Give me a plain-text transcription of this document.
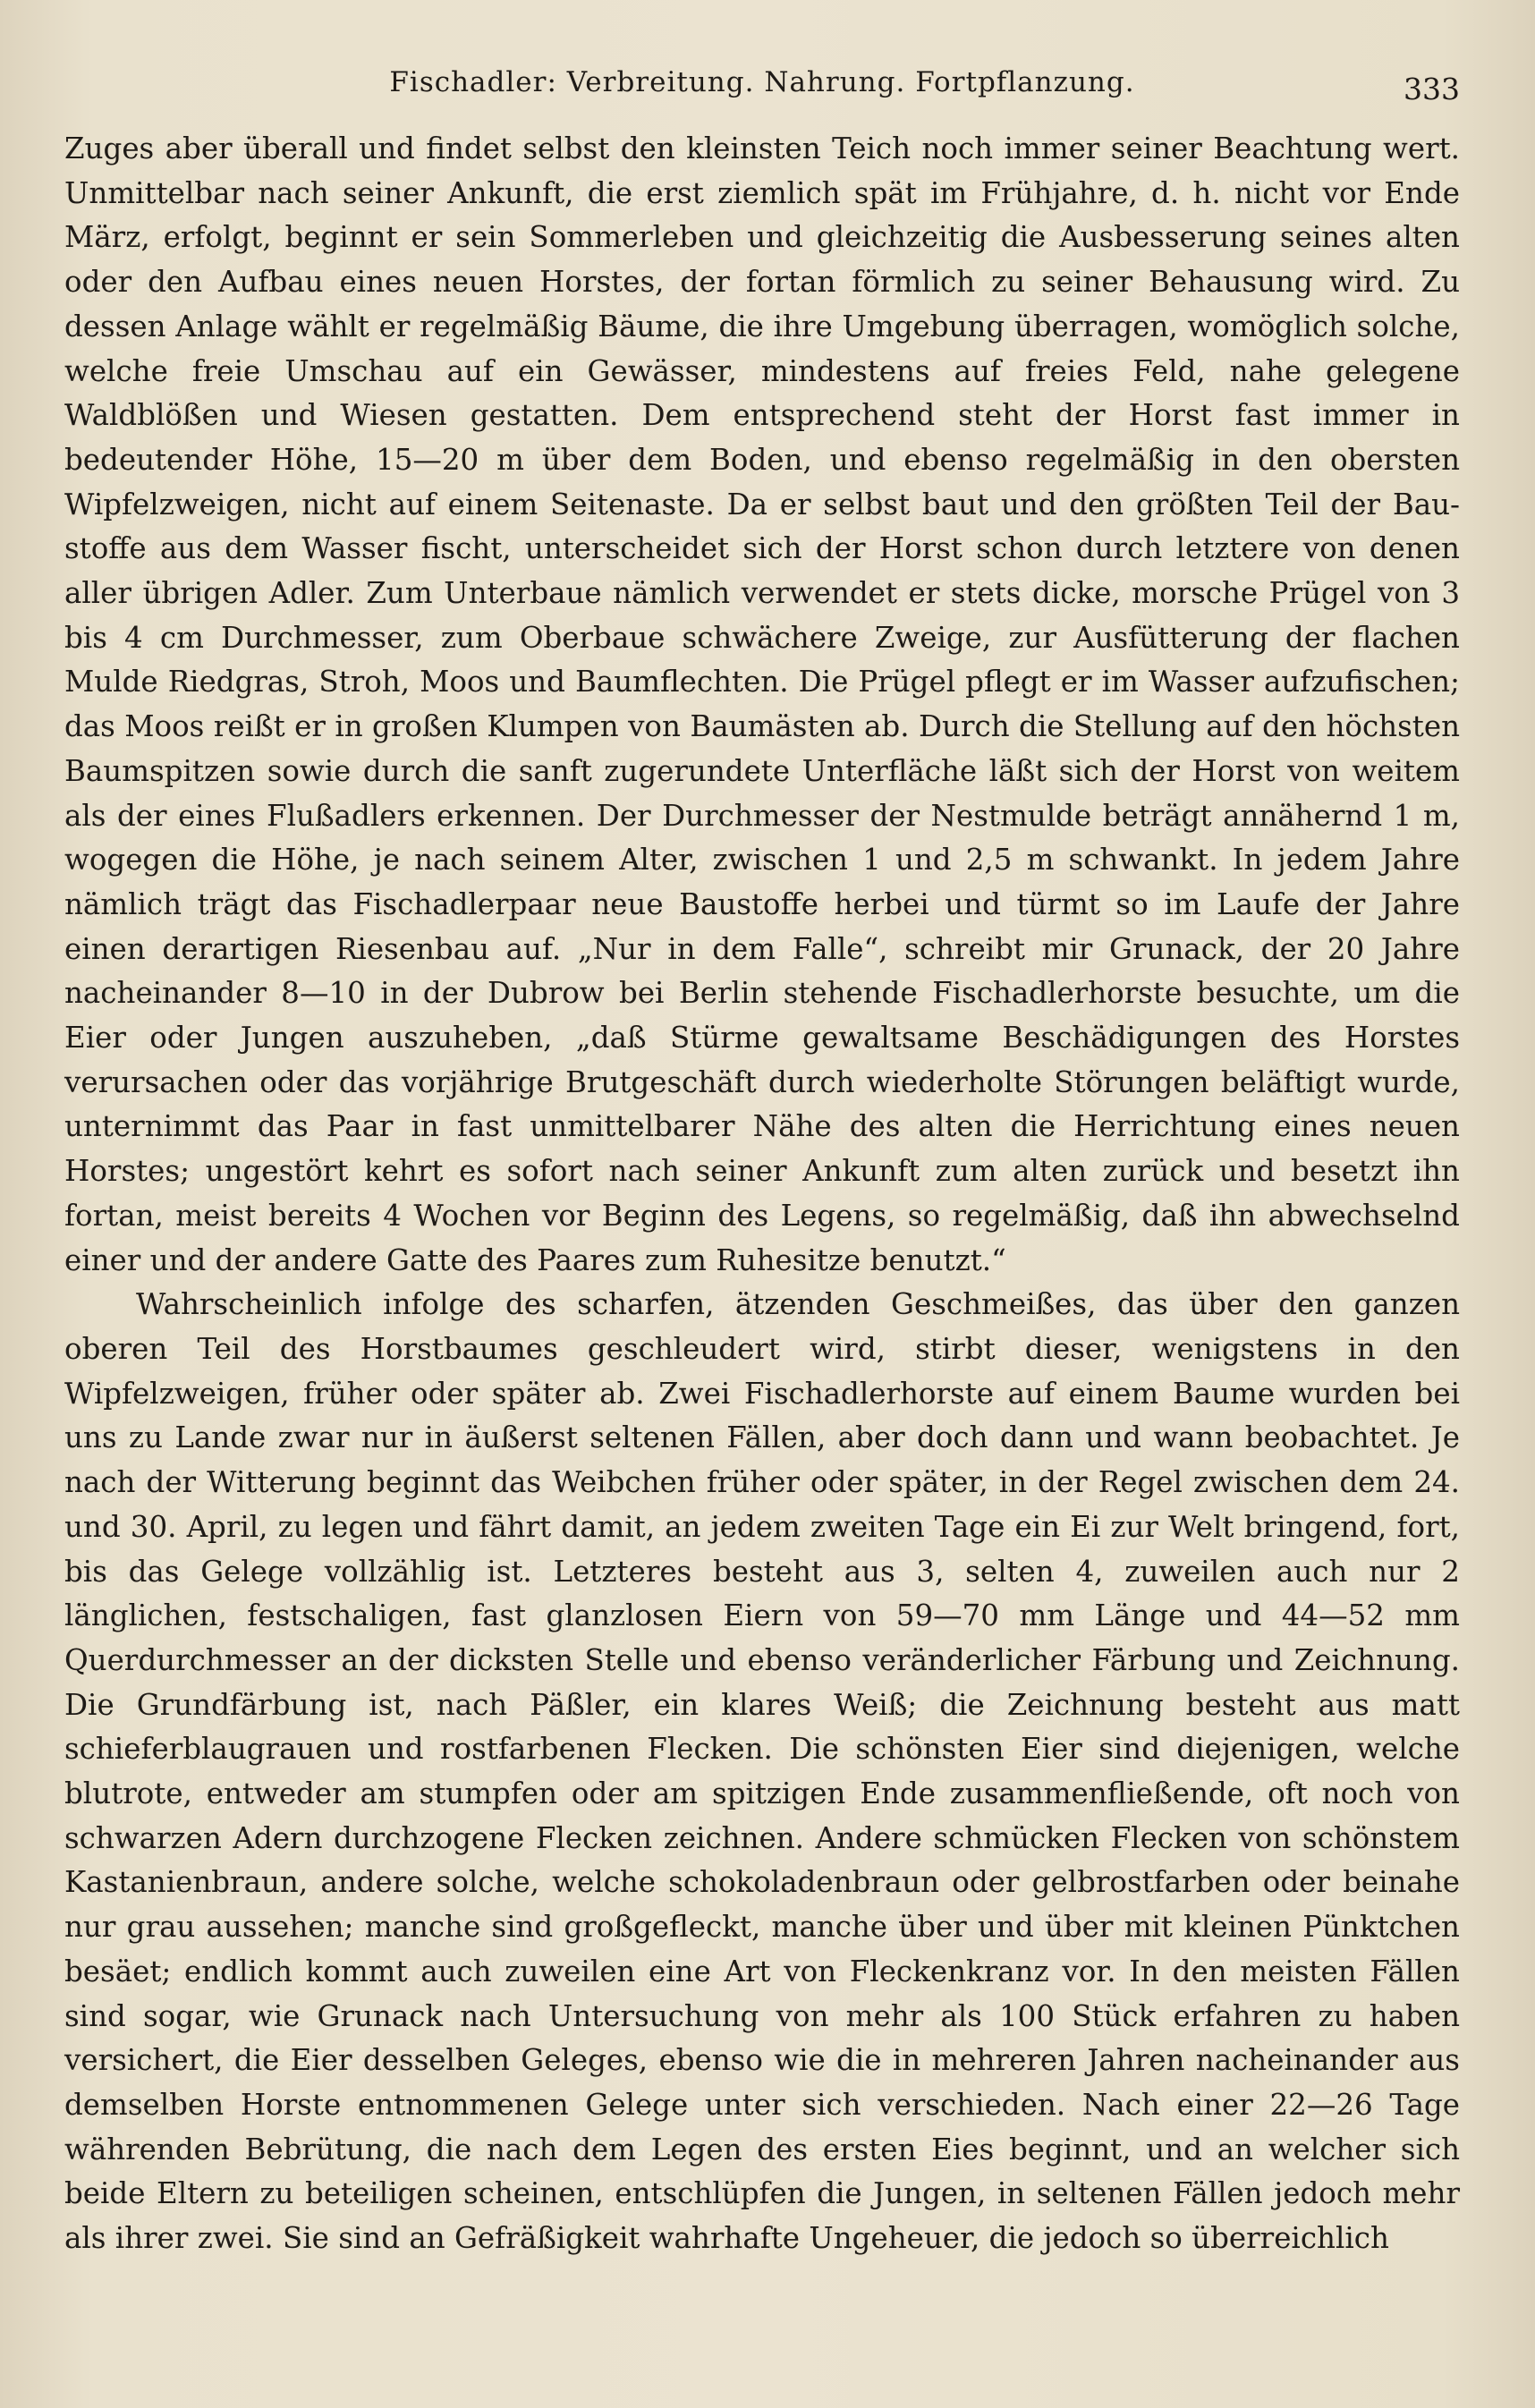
Fischadler: Verbreitung. Nahrung. Fortpflanzung.	333

Zuges aber überall und findet selbst den kleinsten Teich noch immer seiner Beachtung wert. Unmittelbar nach seiner Ankunft, die erst ziemlich spät im Frühjahre, d. h. nicht vor Ende März, erfolgt, beginnt er sein Sommerleben und gleichzeitig die Ausbesserung seines alten oder den Aufbau eines neuen Horstes, der fortan förmlich zu seiner Behausung wird. Zu dessen Anlage wählt er regelmäßig Bäume, die ihre Umgebung überragen, womöglich solche, welche freie Umschau auf ein Gewässer, mindestens auf freies Feld, nahe gelegene Waldblößen und Wiesen gestatten. Dem entsprechend steht der Horst fast immer in bedeutender Höhe, 15—20 m über dem Boden, und ebenso regelmäßig in den obersten Wipfelzweigen, nicht auf einem Seitenaste. Da er selbst baut und den größten Teil der Baustoffe aus dem Wasser fischt, unterscheidet sich der Horst schon durch letztere von denen aller übrigen Adler. Zum Unterbaue nämlich verwendet er stets dicke, morsche Prügel von 3 bis 4 cm Durchmesser, zum Oberbaue schwächere Zweige, zur Ausfütterung der flachen Mulde Riedgras, Stroh, Moos und Baumflechten. Die Prügel pflegt er im Wasser aufzufischen; das Moos reißt er in großen Klumpen von Baumästen ab. Durch die Stellung auf den höchsten Baumspitzen sowie durch die sanft zugerundete Unterfläche läßt sich der Horst von weitem als der eines Flußadlers erkennen. Der Durchmesser der Nestmulde beträgt annähernd 1 m, wogegen die Höhe, je nach seinem Alter, zwischen 1 und 2,5 m schwankt. In jedem Jahre nämlich trägt das Fischadlerpaar neue Baustoffe herbei und türmt so im Laufe der Jahre einen derartigen Riesenbau auf. „Nur in dem Falle“, schreibt mir Grunack, der 20 Jahre nacheinander 8—10 in der Dubrow bei Berlin stehende Fischadlerhorste besuchte, um die Eier oder Jungen auszuheben, „daß Stürme gewaltsame Beschädigungen des Horstes verursachen oder das vorjährige Brutgeschäft durch wiederholte Störungen beläftigt wurde, unternimmt das Paar in fast unmittelbarer Nähe des alten die Herrichtung eines neuen Horstes; ungestört kehrt es sofort nach seiner Ankunft zum alten zurück und besetzt ihn fortan, meist bereits 4 Wochen vor Beginn des Legens, so regelmäßig, daß ihn abwechselnd einer und der andere Gatte des Paares zum Ruhesitze benutzt.“

Wahrscheinlich infolge des scharfen, ätzenden Geschmeißes, das über den ganzen oberen Teil des Horstbaumes geschleudert wird, stirbt dieser, wenigstens in den Wipfelzweigen, früher oder später ab. Zwei Fischadlerhorste auf einem Baume wurden bei uns zu Lande zwar nur in äußerst seltenen Fällen, aber doch dann und wann beobachtet. Je nach der Witterung beginnt das Weibchen früher oder später, in der Regel zwischen dem 24. und 30. April, zu legen und fährt damit, an jedem zweiten Tage ein Ei zur Welt bringend, fort, bis das Gelege vollzählig ist. Letzteres besteht aus 3, selten 4, zuweilen auch nur 2 länglichen, festschaligen, fast glanzlosen Eiern von 59—70 mm Länge und 44—52 mm Querdurchmesser an der dicksten Stelle und ebenso veränderlicher Färbung und Zeichnung. Die Grundfärbung ist, nach Päßler, ein klares Weiß; die Zeichnung besteht aus matt schieferblaugrauen und rostfarbenen Flecken. Die schönsten Eier sind diejenigen, welche blutrote, entweder am stumpfen oder am spitzigen Ende zusammenfließende, oft noch von schwarzen Adern durchzogene Flecken zeichnen. Andere schmücken Flecken von schönstem Kastanienbraun, andere solche, welche schokoladenbraun oder gelbrostfarben oder beinahe nur grau aussehen; manche sind großgefleckt, manche über und über mit kleinen Pünktchen besäet; endlich kommt auch zuweilen eine Art von Fleckenkranz vor. In den meisten Fällen sind sogar, wie Grunack nach Untersuchung von mehr als 100 Stück erfahren zu haben versichert, die Eier desselben Geleges, ebenso wie die in mehreren Jahren nacheinander aus demselben Horste entnommenen Gelege unter sich verschieden. Nach einer 22—26 Tage währenden Bebrütung, die nach dem Legen des ersten Eies beginnt, und an welcher sich beide Eltern zu beteiligen scheinen, entschlüpfen die Jungen, in seltenen Fällen jedoch mehr als ihrer zwei. Sie sind an Gefräßigkeit wahrhafte Ungeheuer, die jedoch so überreichlich
